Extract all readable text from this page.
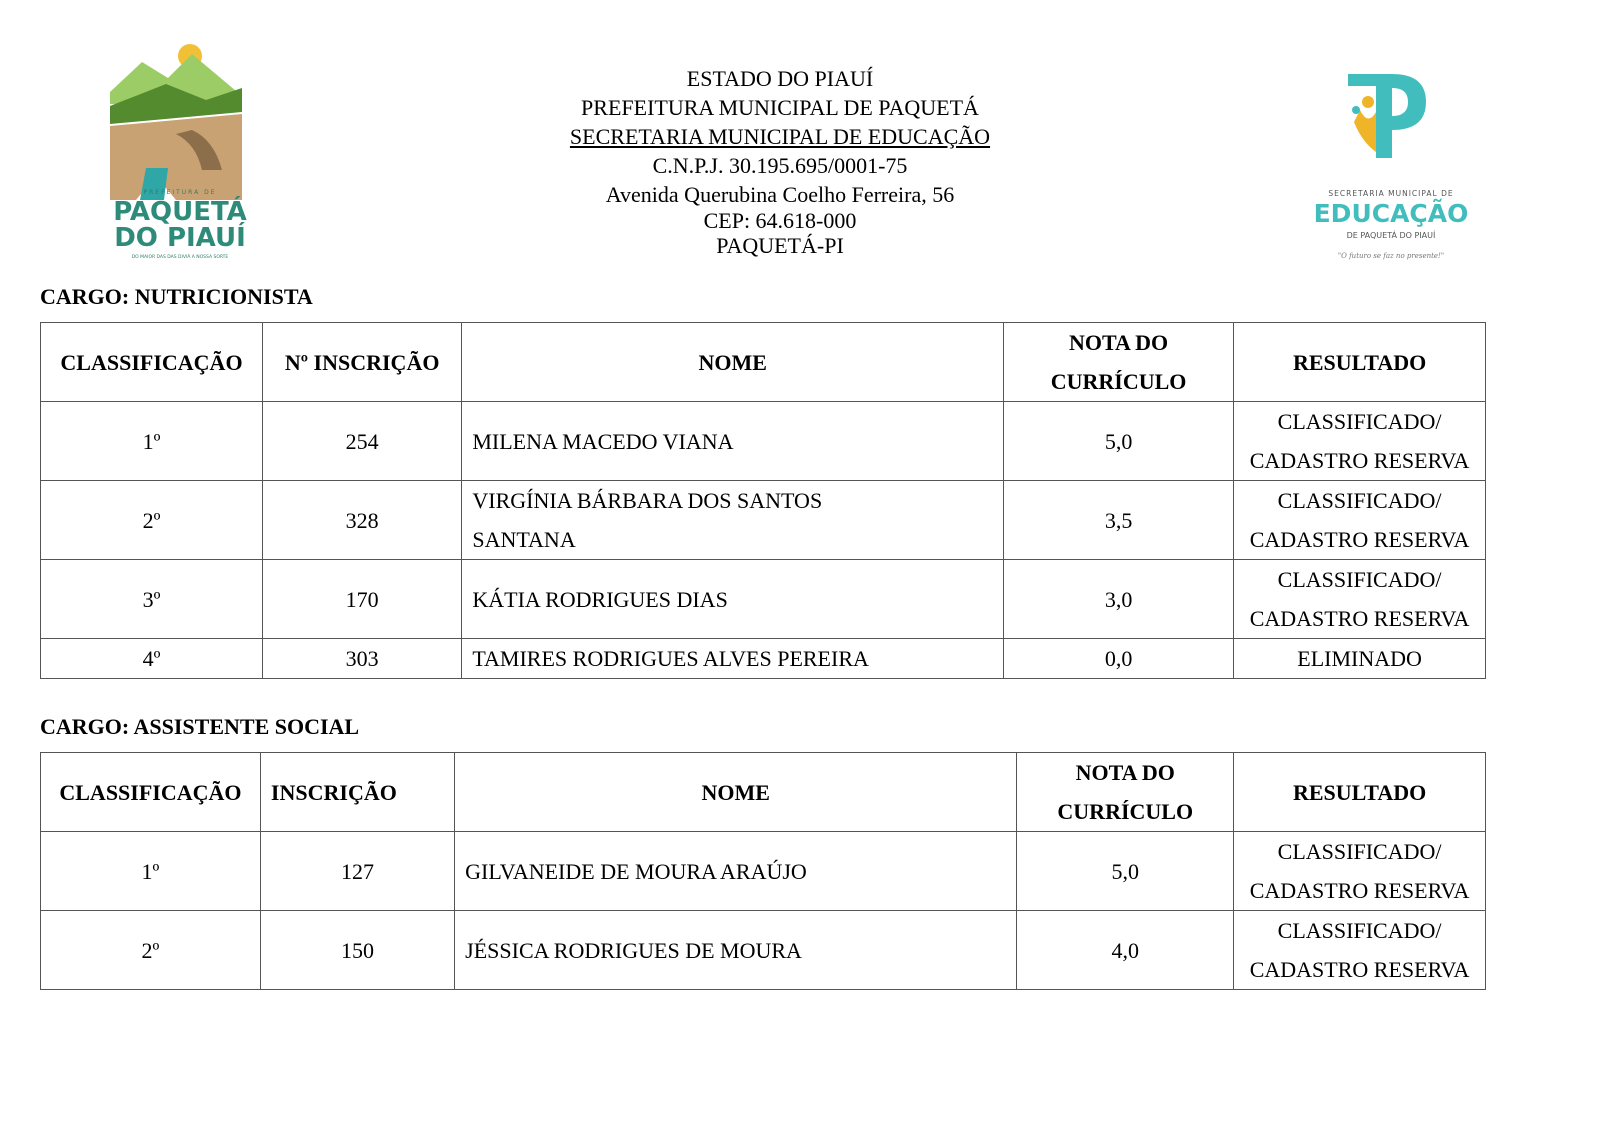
PREFEITURA DE
PAQUETÁ
DO PIAUÍ
DO MAIOR DAS DAS DIVIÃ A NOSSA SORTE
ESTADO DO PIAUÍ
PREFEITURA MUNICIPAL DE PAQUETÁ
SECRETARIA MUNICIPAL DE EDUCAÇÃO
C.N.P.J. 30.195.695/0001-75
Avenida Querubina Coelho Ferreira, 56
CEP: 64.618-000
PAQUETÁ-PI
SECRETARIA MUNICIPAL DE
EDUCAÇÃO
DE PAQUETÁ DO PIAUÍ
"O futuro se faz no presente!"
CARGO: NUTRICIONISTA
CLASSIFICAÇÃO	Nº INSCRIÇÃO	NOME	NOTA DO CURRÍCULO	RESULTADO
1º	254	MILENA MACEDO VIANA	5,0	CLASSIFICADO/ CADASTRO RESERVA
2º	328	VIRGÍNIA BÁRBARA DOS SANTOS SANTANA	3,5	CLASSIFICADO/ CADASTRO RESERVA
3º	170	KÁTIA RODRIGUES DIAS	3,0	CLASSIFICADO/ CADASTRO RESERVA
4º	303	TAMIRES RODRIGUES ALVES PEREIRA	0,0	ELIMINADO
CARGO: ASSISTENTE SOCIAL
CLASSIFICAÇÃO	INSCRIÇÃO	NOME	NOTA DO CURRÍCULO	RESULTADO
1º	127	GILVANEIDE DE MOURA ARAÚJO	5,0	CLASSIFICADO/ CADASTRO RESERVA
2º	150	JÉSSICA RODRIGUES DE MOURA	4,0	CLASSIFICADO/ CADASTRO RESERVA
